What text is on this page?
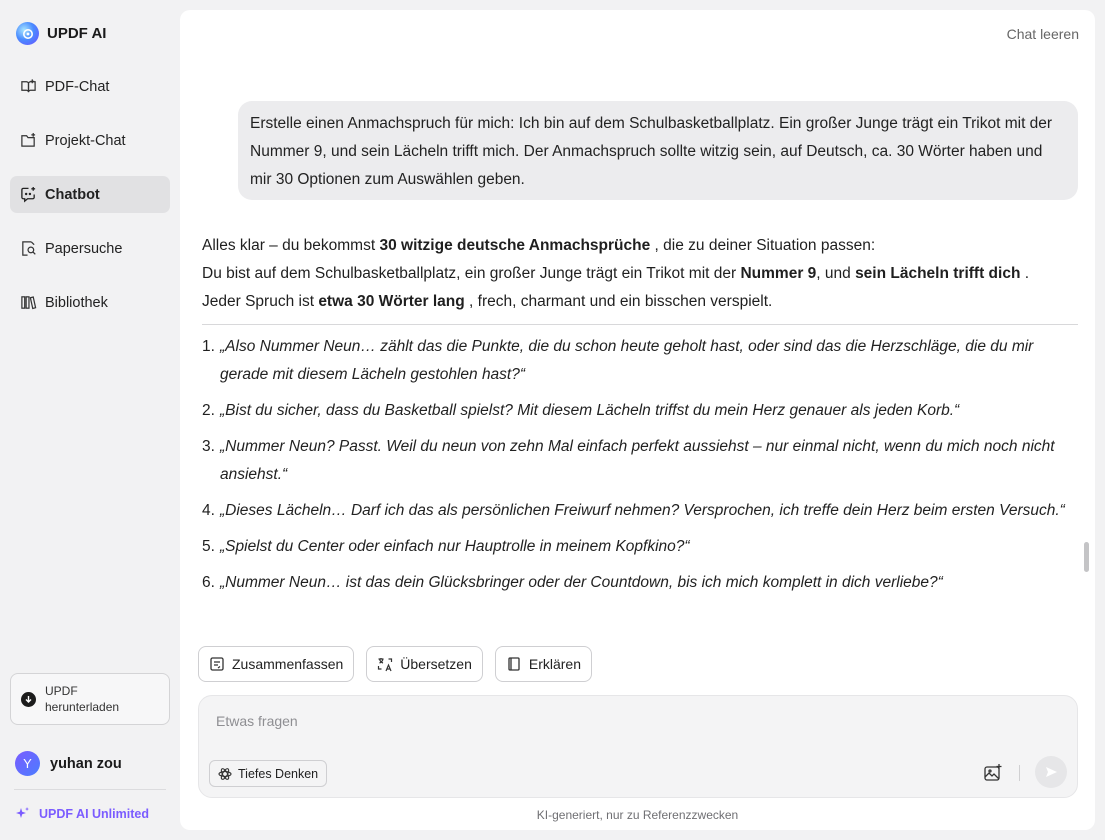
UPDF AI
PDF-Chat
Projekt-Chat
Chatbot
Papersuche
Bibliothek
UPDF herunterladen
Y	yuhan zou
UPDF AI Unlimited
Chat leeren
Erstelle einen Anmachspruch für mich: Ich bin auf dem Schulbasketballplatz. Ein großer Junge trägt ein Trikot mit der Nummer 9, und sein Lächeln trifft mich. Der Anmachspruch sollte witzig sein, auf Deutsch, ca. 30 Wörter haben und mir 30 Optionen zum Auswählen geben.
Alles klar – du bekommst 30 witzige deutsche Anmachsprüche , die zu deiner Situation passen:
Du bist auf dem Schulbasketballplatz, ein großer Junge trägt ein Trikot mit der Nummer 9, und sein Lächeln trifft dich .
Jeder Spruch ist etwa 30 Wörter lang , frech, charmant und ein bisschen verspielt.
1. „Also Nummer Neun… zählt das die Punkte, die du schon heute geholt hast, oder sind das die Herzschläge, die du mir gerade mit diesem Lächeln gestohlen hast?“
2. „Bist du sicher, dass du Basketball spielst? Mit diesem Lächeln triffst du mein Herz genauer als jeden Korb.“
3. „Nummer Neun? Passt. Weil du neun von zehn Mal einfach perfekt aussiehst – nur einmal nicht, wenn du mich noch nicht ansiehst.“
4. „Dieses Lächeln… Darf ich das als persönlichen Freiwurf nehmen? Versprochen, ich treffe dein Herz beim ersten Versuch.“
5. „Spielst du Center oder einfach nur Hauptrolle in meinem Kopfkino?“
6. „Nummer Neun… ist das dein Glücksbringer oder der Countdown, bis ich mich komplett in dich verliebe?“
Zusammenfassen	Übersetzen	Erklären
Etwas fragen
Tiefes Denken
KI-generiert, nur zu Referenzzwecken
